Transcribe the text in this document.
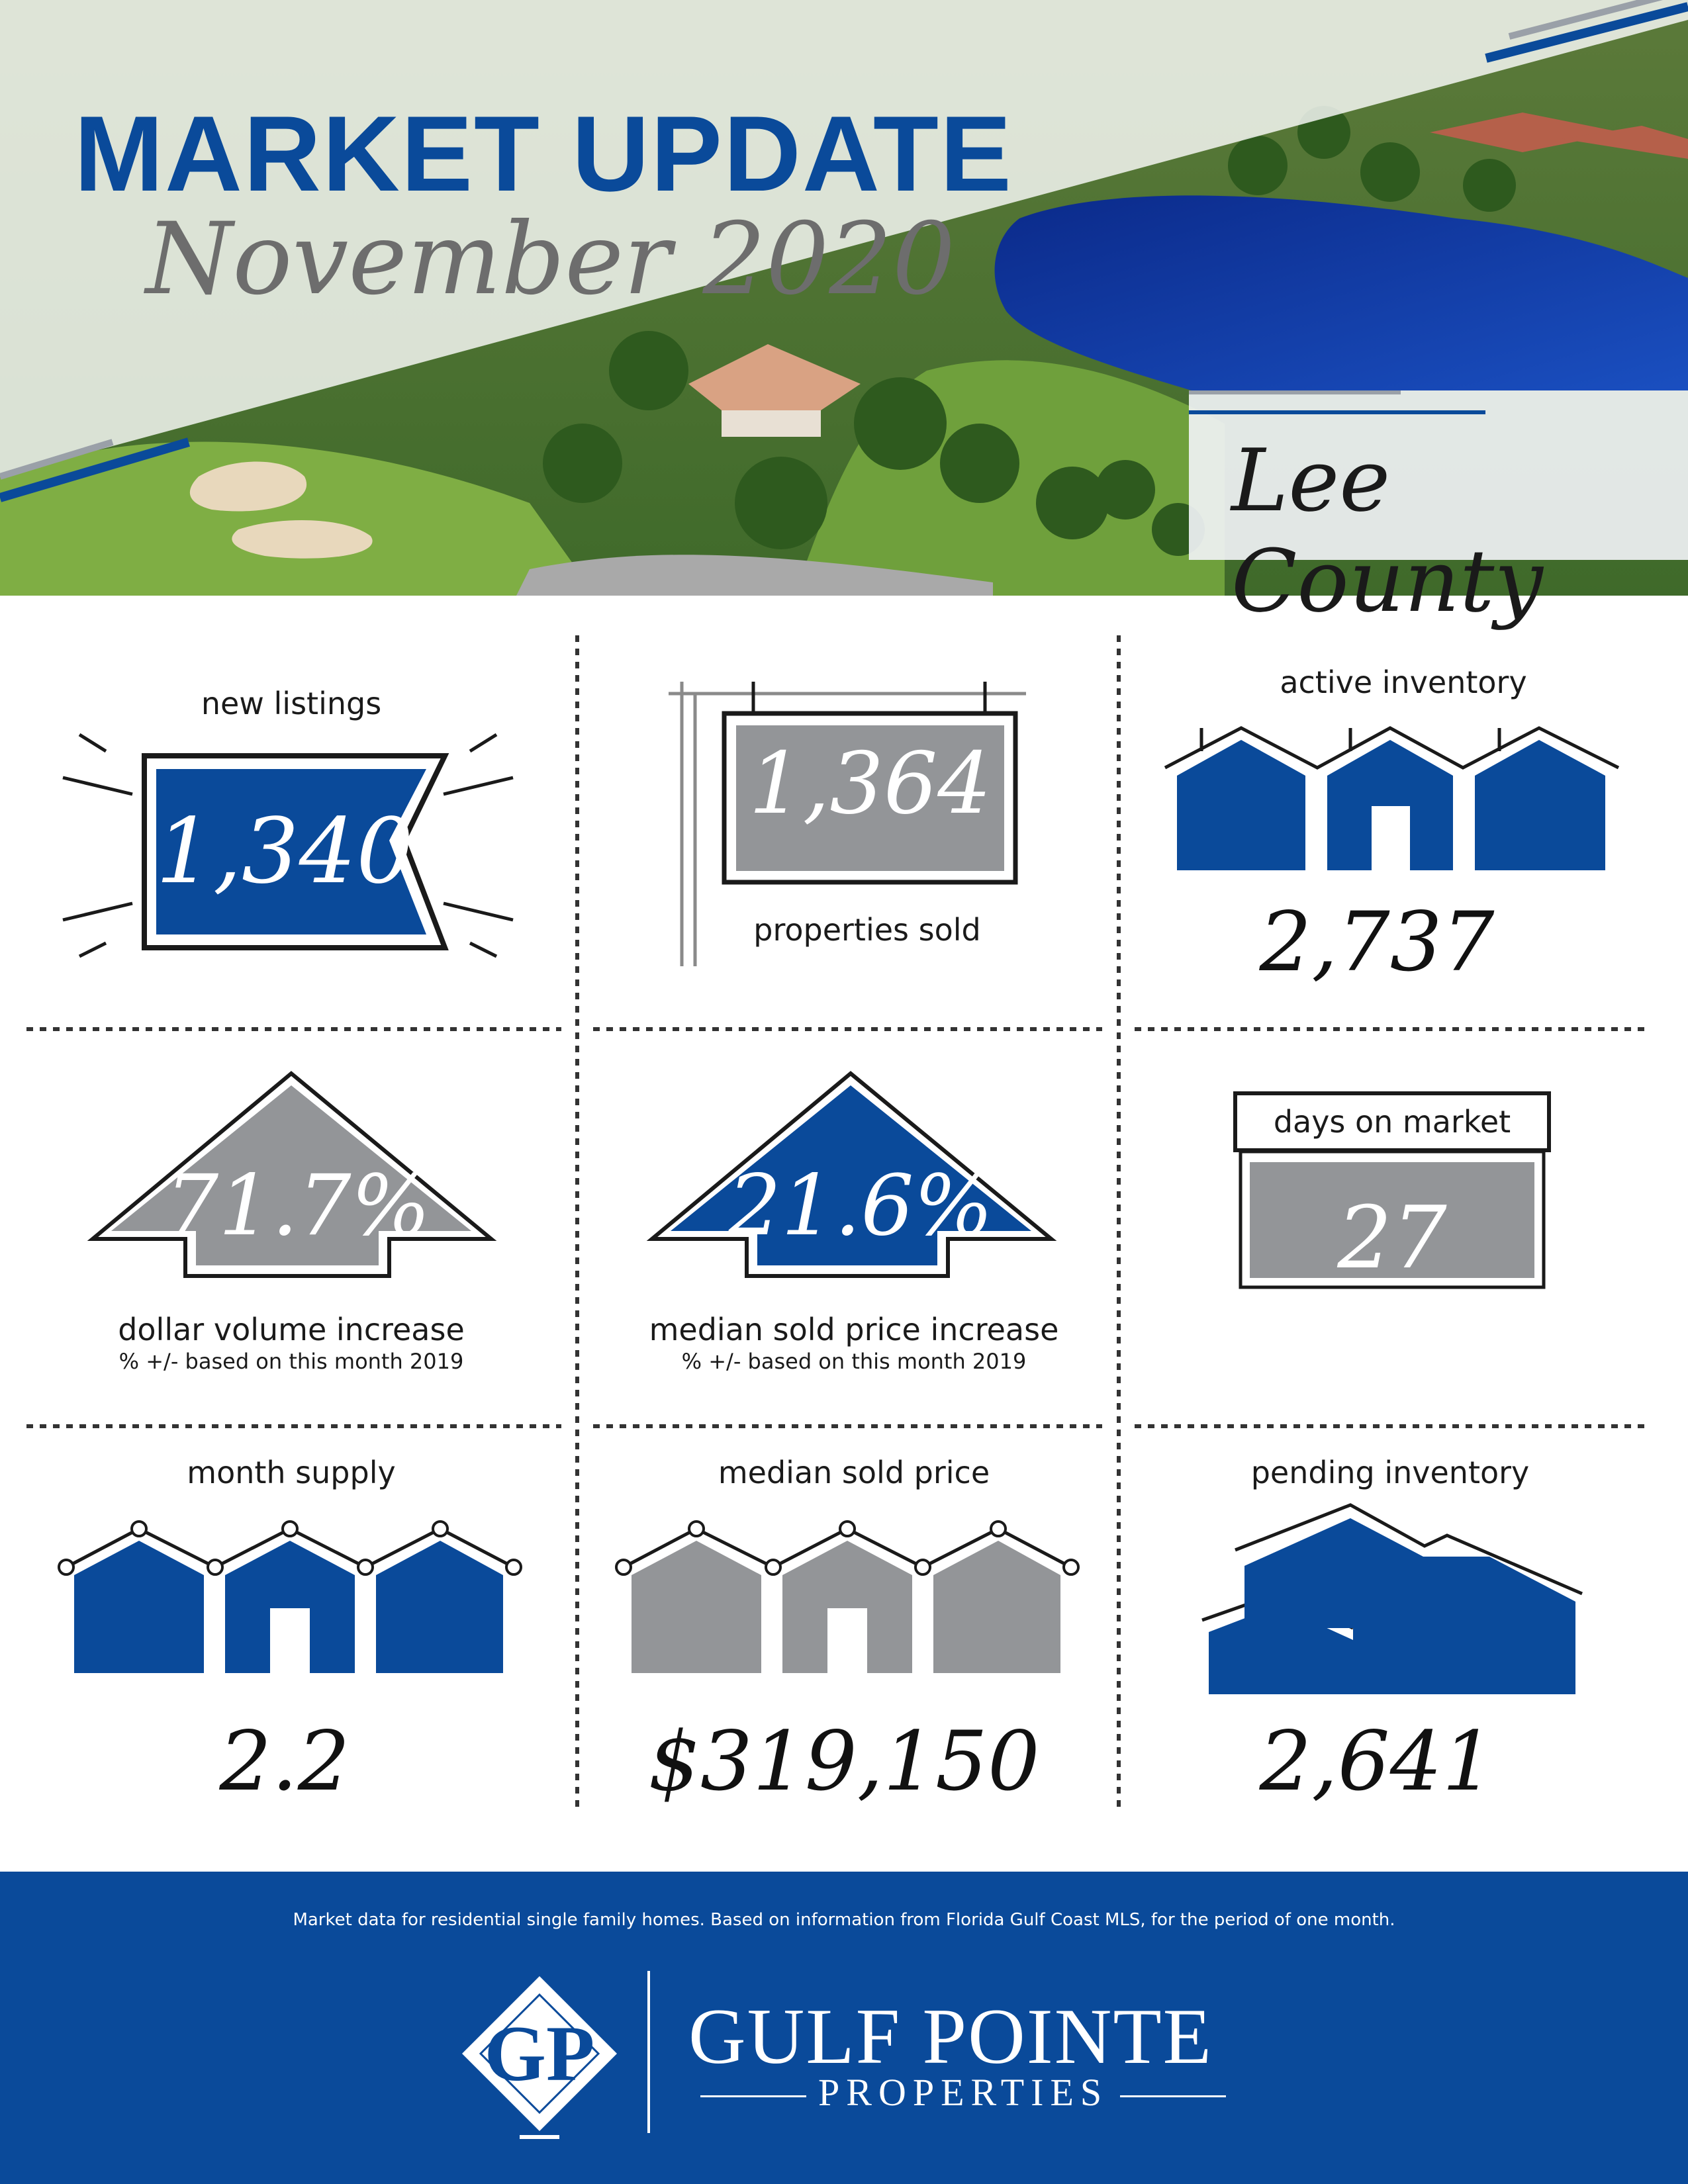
MARKET UPDATE
November 2020
Lee County
new listings
1,340
1,364
properties sold
active inventory
2,737
71.7%
dollar volume increase
% +/- based on this month 2019
21.6%
median sold price increase
% +/- based on this month 2019
days on market
27
month supply
2.2
median sold price
$319,150
pending inventory
2,641
Market data for residential single family homes. Based on information from Florida Gulf Coast MLS, for the period of one month.
GP GULF POINTE
PROPERTIES
